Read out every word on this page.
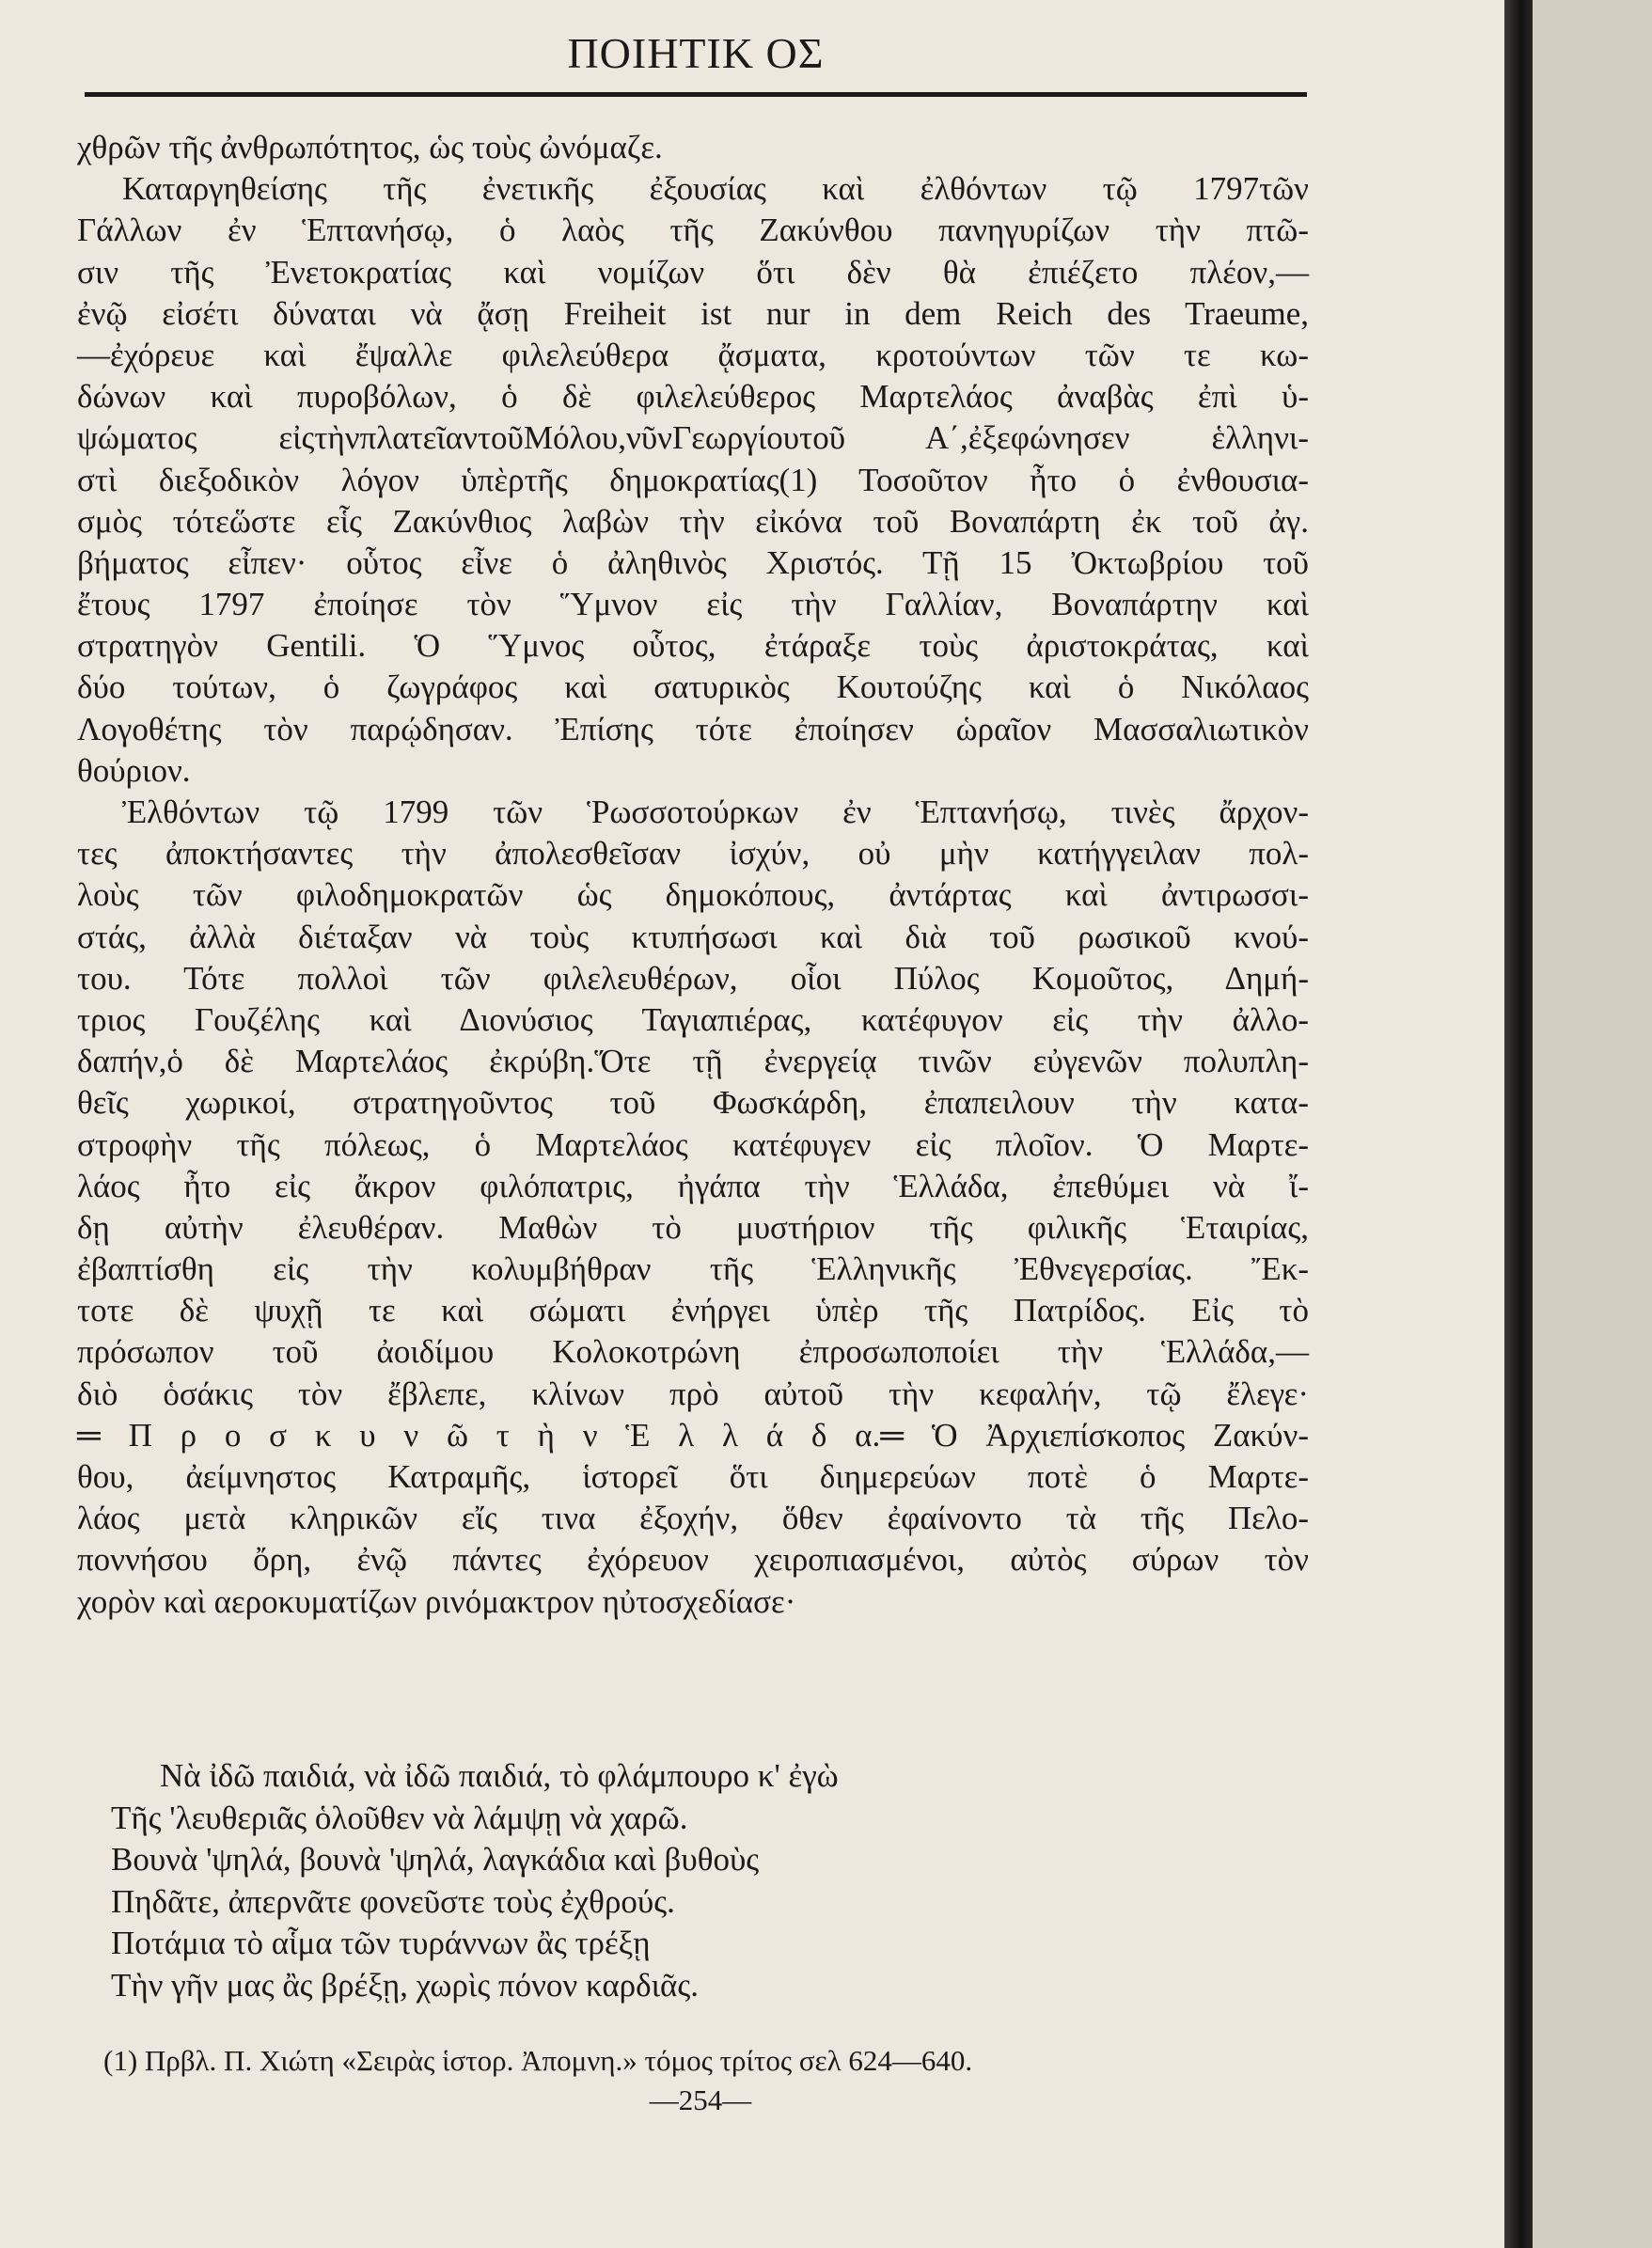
ΠΟΙΗΤΙΚ ΟΣ
χθρῶν τῆς ἀνθρωπότητος, ὡς τοὺς ὠνόμαζε.
Καταργηθείσης τῆς ἐνετικῆς ἐξουσίας καὶ ἐλθόντων τῷ 1797τῶν
Γάλλων ἐν Ἑπτανήσῳ, ὁ λαὸς τῆς Ζακύνθου πανηγυρίζων τὴν πτῶ-
σιν τῆς Ἐνετοκρατίας καὶ νομίζων ὅτι δὲν θὰ ἐπιέζετο πλέον,—
ἐνῷ εἰσέτι δύναται νὰ ᾄσῃ Freiheit ist nur in dem Reich des Traeume,
—ἐχόρευε καὶ ἔψαλλε φιλελεύθερα ᾄσματα, κροτούντων τῶν τε κω-
δώνων καὶ πυροβόλων, ὁ δὲ φιλελεύθερος Μαρτελάος ἀναβὰς ἐπὶ ὑ-
ψώματος εἰςτὴνπλατεῖαντοῦΜόλου,νῦνΓεωργίουτοῦ Α΄,ἐξεφώνησεν ἑλληνι-
στὶ διεξοδικὸν λόγον ὑπὲρτῆς δημοκρατίας(1) Τοσοῦτον ἦτο ὁ ἐνθουσια-
σμὸς τότεὥστε εἷς Ζακύνθιος λαβὼν τὴν εἰκόνα τοῦ Βοναπάρτη ἐκ τοῦ ἀγ.
βήματος εἶπεν· οὗτος εἶνε ὁ ἀληθινὸς Χριστός. Τῇ 15 Ὀκτωβρίου τοῦ
ἔτους 1797 ἐποίησε τὸν Ὕμνον εἰς τὴν Γαλλίαν, Βοναπάρτην καὶ
στρατηγὸν Gentili. Ὁ Ὕμνος οὗτος, ἐτάραξε τοὺς ἀριστοκράτας, καὶ
δύο τούτων, ὁ ζωγράφος καὶ σατυρικὸς Κουτούζης καὶ ὁ Νικόλαος
Λογοθέτης τὸν παρῴδησαν. Ἐπίσης τότε ἐποίησεν ὡραῖον Μασσαλιωτικὸν
θούριον.
Ἐλθόντων τῷ 1799 τῶν Ῥωσσοτούρκων ἐν Ἑπτανήσῳ, τινὲς ἄρχον-
τες ἀποκτήσαντες τὴν ἀπολεσθεῖσαν ἰσχύν, οὐ μὴν κατήγγειλαν πολ-
λοὺς τῶν φιλοδημοκρατῶν ὡς δημοκόπους, ἀντάρτας καὶ ἀντιρωσσι-
στάς, ἀλλὰ διέταξαν νὰ τοὺς κτυπήσωσι καὶ διὰ τοῦ ρωσικοῦ κνού-
του. Τότε πολλοὶ τῶν φιλελευθέρων, οἷοι Πύλος Κομοῦτος, Δημή-
τριος Γουζέλης καὶ Διονύσιος Ταγιαπιέρας, κατέφυγον εἰς τὴν ἀλλο-
δαπήν,ὁ δὲ Μαρτελάος ἐκρύβη.Ὅτε τῇ ἐνεργείᾳ τινῶν εὐγενῶν πολυπλη-
θεῖς χωρικοί, στρατηγοῦντος τοῦ Φωσκάρδη, ἐπαπειλουν τὴν κατα-
στροφὴν τῆς πόλεως, ὁ Μαρτελάος κατέφυγεν εἰς πλοῖον. Ὁ Μαρτε-
λάος ἦτο εἰς ἄκρον φιλόπατρις, ἠγάπα τὴν Ἑλλάδα, ἐπεθύμει νὰ ἴ-
δῃ αὐτὴν ἐλευθέραν. Μαθὼν τὸ μυστήριον τῆς φιλικῆς Ἑταιρίας,
ἐβαπτίσθη εἰς τὴν κολυμβήθραν τῆς Ἑλληνικῆς Ἐθνεγερσίας. Ἔκ-
τοτε δὲ ψυχῇ τε καὶ σώματι ἐνήργει ὑπὲρ τῆς Πατρίδος. Εἰς τὸ
πρόσωπον τοῦ ἀοιδίμου Κολοκοτρώνη ἐπροσωποποίει τὴν Ἑλλάδα,—
διὸ ὁσάκις τὸν ἔβλεπε, κλίνων πρὸ αὐτοῦ τὴν κεφαλήν, τῷ ἔλεγε·
═ Π ρ ο σ κ υ ν ῶ τ ὴ ν Ἑ λ λ ά δ α.═ Ὁ Ἀρχιεπίσκοπος Ζακύν-
θου, ἀείμνηστος Κατραμῆς, ἱστορεῖ ὅτι διημερεύων ποτὲ ὁ Μαρτε-
λάος μετὰ κληρικῶν εἴς τινα ἐξοχήν, ὅθεν ἐφαίνοντο τὰ τῆς Πελο-
ποννήσου ὄρη, ἐνῷ πάντες ἐχόρευον χειροπιασμένοι, αὐτὸς σύρων τὸν
χορὸν καὶ αεροκυματίζων ρινόμακτρον ηὐτοσχεδίασε·
Νὰ ἰδῶ παιδιά, νὰ ἰδῶ παιδιά, τὸ φλάμπουρο κ' ἐγὼ
Τῆς 'λευθεριᾶς ὁλοῦθεν νὰ λάμψῃ νὰ χαρῶ.
Βουνὰ 'ψηλά, βουνὰ 'ψηλά, λαγκάδια καὶ βυθοὺς
Πηδᾶτε, ἀπερνᾶτε φονεῦστε τοὺς ἐχθρούς.
Ποτάμια τὸ αἷμα τῶν τυράννων ἂς τρέξῃ
Τὴν γῆν μας ἂς βρέξῃ, χωρὶς πόνον καρδιᾶς.
(1) Πρβλ. Π. Χιώτη «Σειρὰς ἱστορ. Ἀπομνη.» τόμος τρίτος σελ 624—640.
—254—
